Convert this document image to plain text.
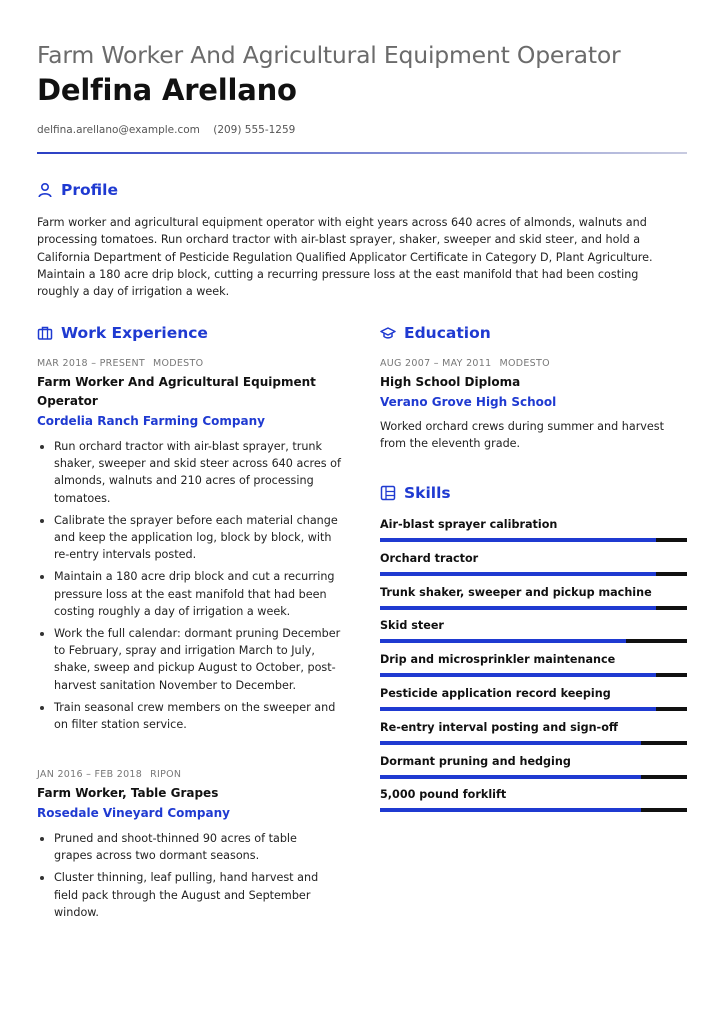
Farm Worker And Agricultural Equipment Operator Delfina Arellano

delfina.arellano@example.com (209) 555-1259
Profile

Farm worker and agricultural equipment operator with eight years across 640 acres of almonds, walnuts and processing tomatoes. Run orchard tractor with air-blast sprayer, shaker, sweeper and skid steer, and hold a California Department of Pesticide Regulation Qualified Applicator Certificate in Category D, Plant Agriculture. Maintain a 180 acre drip block, cutting a recurring pressure loss at the east manifold that had been costing roughly a day of irrigation a week.

Work Experience
MAR 2018 – PRESENT MODESTO
Farm Worker And Agricultural Equipment Operator
Cordelia Ranch Farming Company
Run orchard tractor with air-blast sprayer, trunk shaker, sweeper and skid steer across 640 acres of almonds, walnuts and 210 acres of processing tomatoes.
Calibrate the sprayer before each material change and keep the application log, block by block, with re-entry intervals posted.
Maintain a 180 acre drip block and cut a recurring pressure loss at the east manifold that had been costing roughly a day of irrigation a week.
Work the full calendar: dormant pruning December to February, spray and irrigation March to July, shake, sweep and pickup August to October, post-harvest sanitation November to December.
Train seasonal crew members on the sweeper and on filter station service.
JAN 2016 – FEB 2018 RIPON
Farm Worker, Table Grapes
Rosedale Vineyard Company
Pruned and shoot-thinned 90 acres of table grapes across two dormant seasons.
Cluster thinning, leaf pulling, hand harvest and field pack through the August and September window.
Education
AUG 2007 – MAY 2011 MODESTO
High School Diploma
Verano Grove High School

Worked orchard crews during summer and harvest from the eleventh grade.

Skills
Air-blast sprayer calibration
Orchard tractor
Trunk shaker, sweeper and pickup machine
Skid steer
Drip and microsprinkler maintenance
Pesticide application record keeping
Re-entry interval posting and sign-off
Dormant pruning and hedging
5,000 pound forklift
